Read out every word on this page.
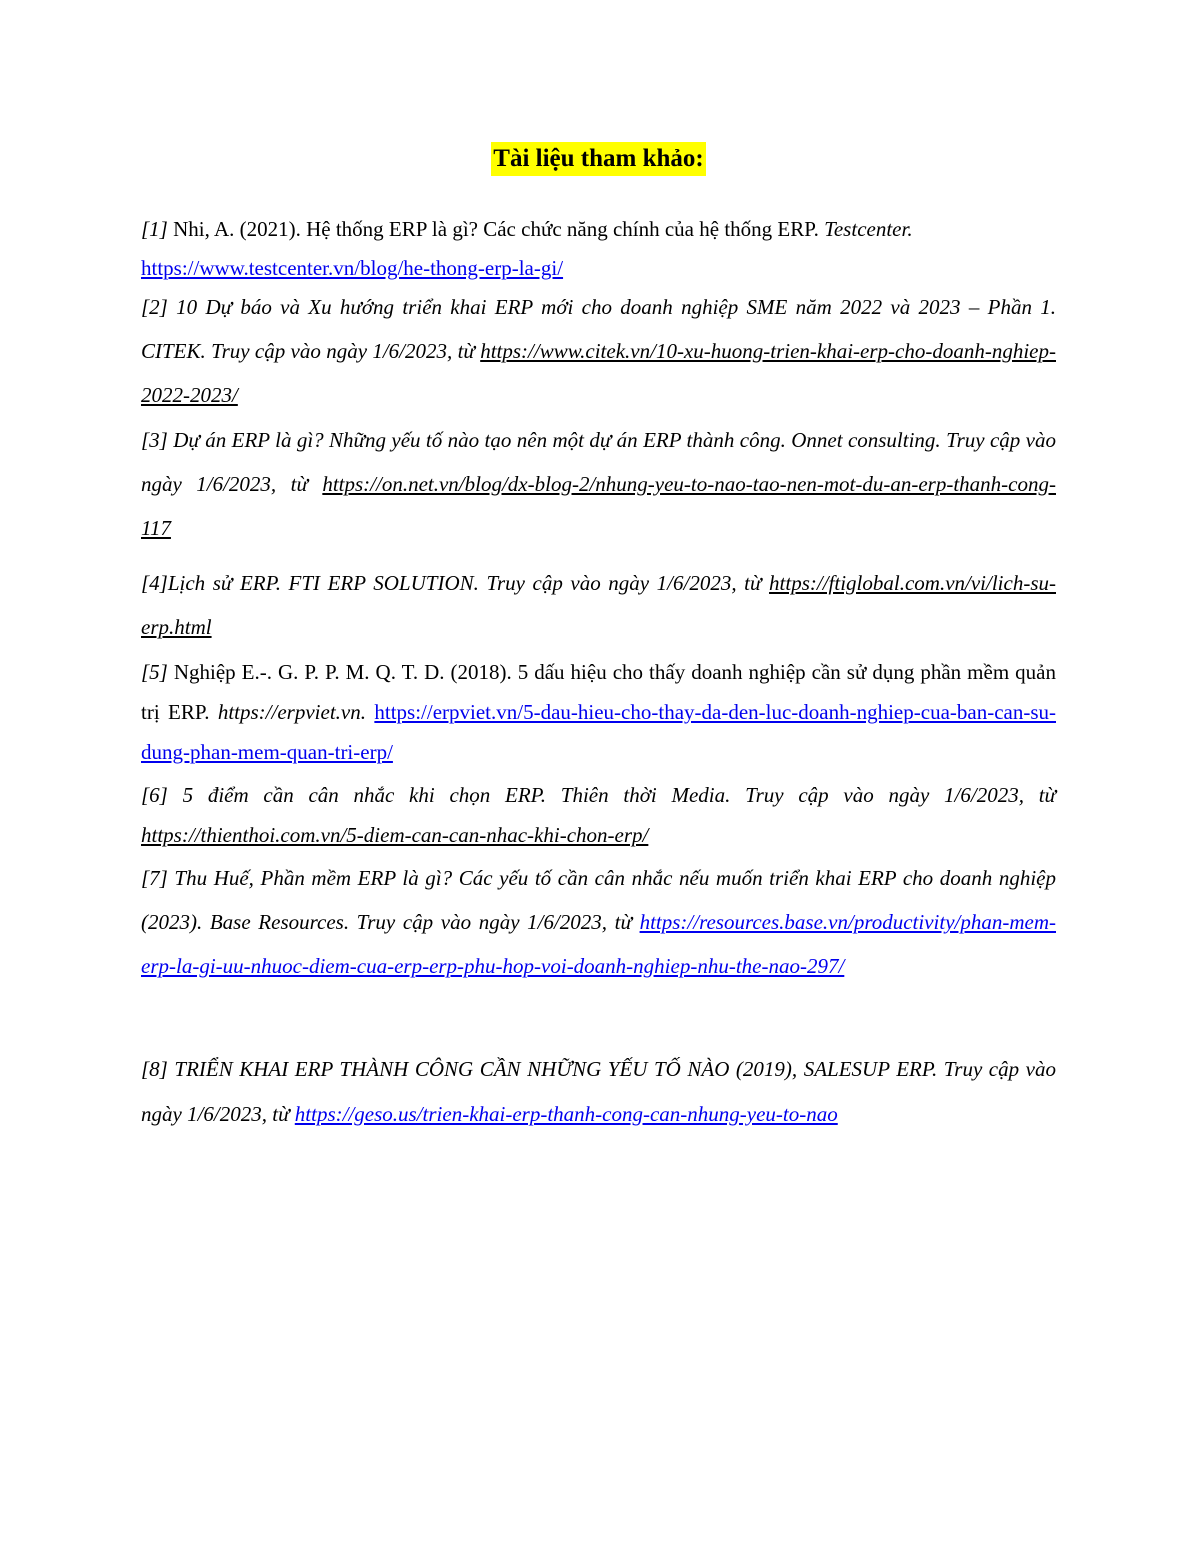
Tài liệu tham khảo:

[1] Nhi, A. (2021). Hệ thống ERP là gì? Các chức năng chính của hệ thống ERP. Testcenter.
https://www.testcenter.vn/blog/he-thong-erp-la-gi/

[2] 10 Dự báo và Xu hướng triển khai ERP mới cho doanh nghiệp SME năm 2022 và 2023 – Phần 1. CITEK. Truy cập vào ngày 1/6/2023, từ https://www.citek.vn/10-xu-huong-trien-khai-erp-cho-doanh-nghiep-2022-2023/

[3] Dự án ERP là gì? Những yếu tố nào tạo nên một dự án ERP thành công. Onnet consulting. Truy cập vào ngày 1/6/2023, từ https://on.net.vn/blog/dx-blog-2/nhung-yeu-to-nao-tao-nen-mot-du-an-erp-thanh-cong-117

[4]Lịch sử ERP. FTI ERP SOLUTION. Truy cập vào ngày 1/6/2023, từ https://ftiglobal.com.vn/vi/lich-su-erp.html

[5] Nghiệp E.-. G. P. P. M. Q. T. D. (2018). 5 dấu hiệu cho thấy doanh nghiệp cần sử dụng phần mềm quản trị ERP. https://erpviet.vn. https://erpviet.vn/5-dau-hieu-cho-thay-da-den-luc-doanh-nghiep-cua-ban-can-su-dung-phan-mem-quan-tri-erp/

[6] 5 điểm cần cân nhắc khi chọn ERP. Thiên thời Media. Truy cập vào ngày 1/6/2023, từ https://thienthoi.com.vn/5-diem-can-can-nhac-khi-chon-erp/

[7] Thu Huế, Phần mềm ERP là gì? Các yếu tố cần cân nhắc nếu muốn triển khai ERP cho doanh nghiệp (2023). Base Resources. Truy cập vào ngày 1/6/2023, từ https://resources.base.vn/productivity/phan-mem-erp-la-gi-uu-nhuoc-diem-cua-erp-erp-phu-hop-voi-doanh-nghiep-nhu-the-nao-297/

[8] TRIỂN KHAI ERP THÀNH CÔNG CẦN NHỮNG YẾU TỐ NÀO (2019), SALESUP ERP. Truy cập vào ngày 1/6/2023, từ https://geso.us/trien-khai-erp-thanh-cong-can-nhung-yeu-to-nao
